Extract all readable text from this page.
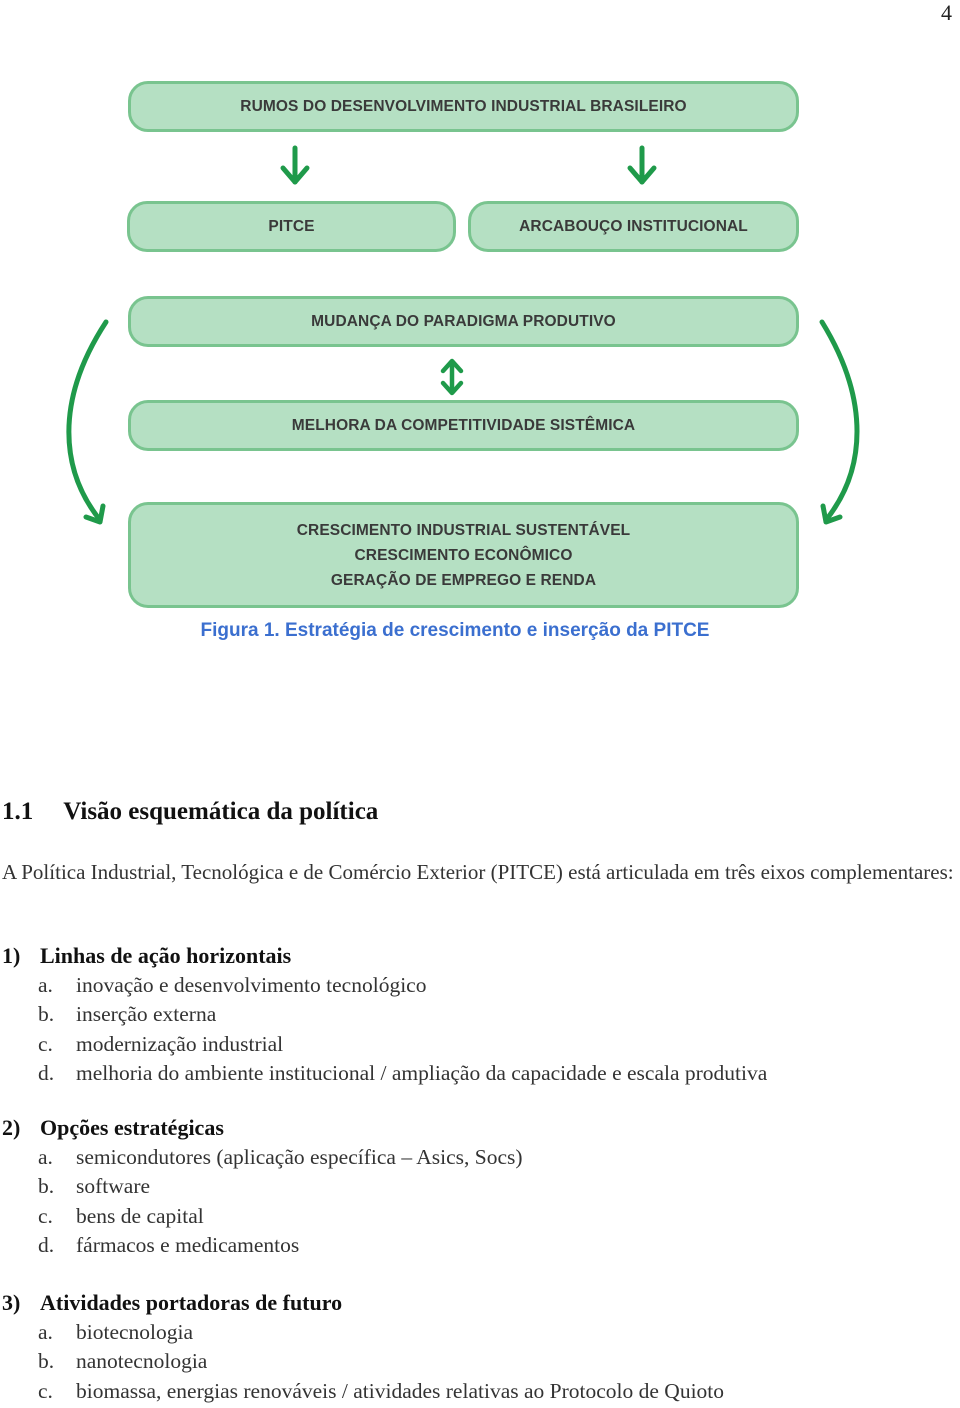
4
RUMOS DO DESENVOLVIMENTO INDUSTRIAL BRASILEIRO
PITCE	ARCABOUÇO INSTITUCIONAL
MUDANÇA DO PARADIGMA PRODUTIVO
MELHORA DA COMPETITIVIDADE SISTÊMICA
CRESCIMENTO INDUSTRIAL SUSTENTÁVEL
CRESCIMENTO ECONÔMICO
GERAÇÃO DE EMPREGO E RENDA
Figura 1. Estratégia de crescimento e inserção da PITCE
1.1 Visão esquemática da política
A Política Industrial, Tecnológica e de Comércio Exterior (PITCE) está articulada em três eixos complementares:
1) Linhas de ação horizontais
a. inovação e desenvolvimento tecnológico
b. inserção externa
c. modernização industrial
d. melhoria do ambiente institucional / ampliação da capacidade e escala produtiva
2) Opções estratégicas
a. semicondutores (aplicação específica – Asics, Socs)
b. software
c. bens de capital
d. fármacos e medicamentos
3) Atividades portadoras de futuro
a. biotecnologia
b. nanotecnologia
c. biomassa, energias renováveis / atividades relativas ao Protocolo de Quioto
